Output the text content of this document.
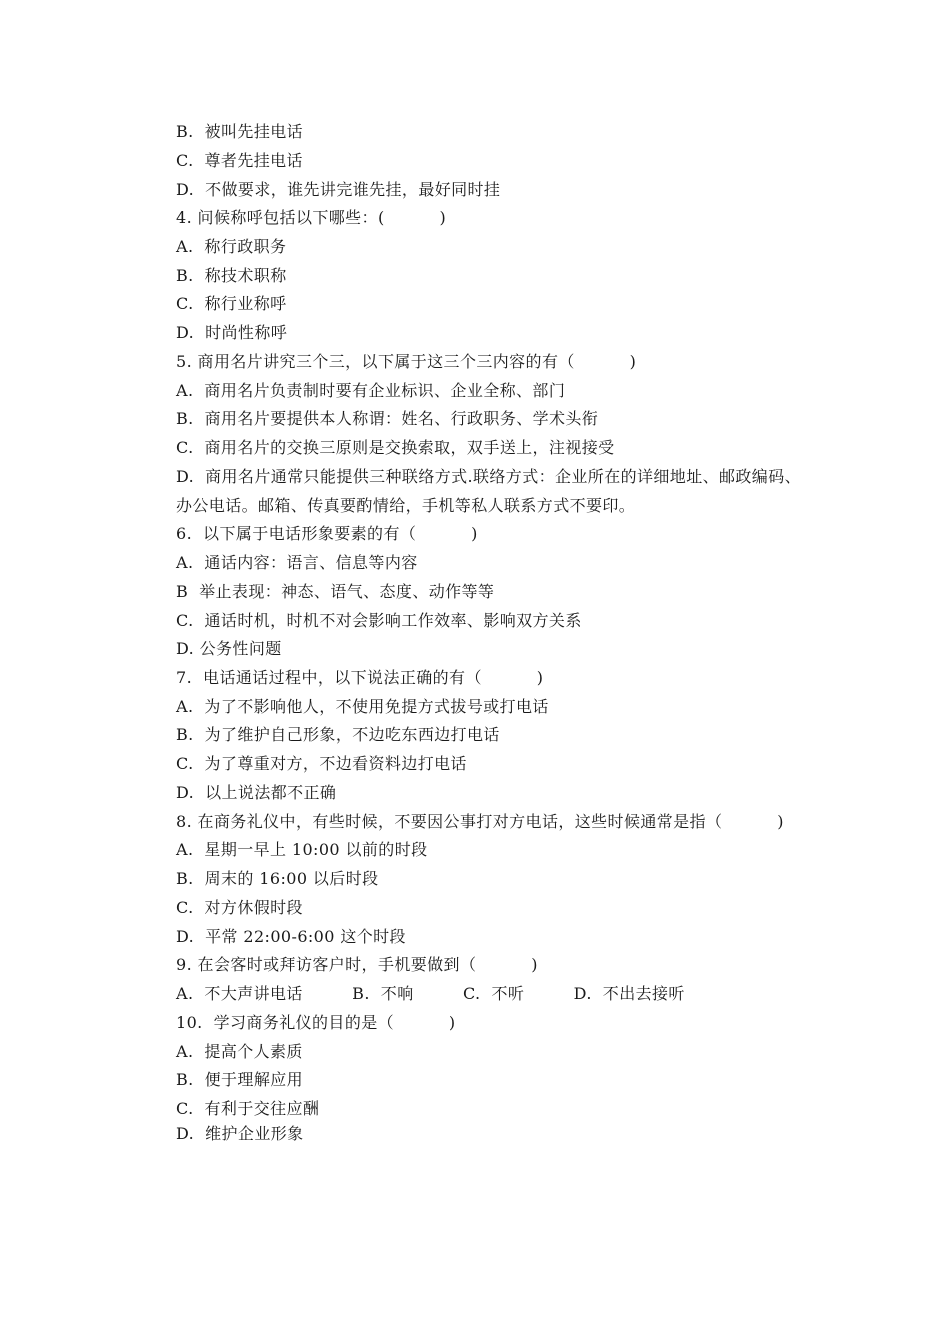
B.  被叫先挂电话
C.  尊者先挂电话
D.  不做要求，谁先讲完谁先挂，最好同时挂
4. 问候称呼包括以下哪些：(          )
A.  称行政职务
B.  称技术职称
C.  称行业称呼
D.  时尚性称呼
5. 商用名片讲究三个三，以下属于这三个三内容的有（          )
A.  商用名片负责制时要有企业标识、企业全称、部门
B.  商用名片要提供本人称谓：姓名、行政职务、学术头衔
C.  商用名片的交换三原则是交换索取，双手送上，注视接受
D.  商用名片通常只能提供三种联络方式.联络方式：企业所在的详细地址、邮政编码、
办公电话。邮箱、传真要酌情给，手机等私人联系方式不要印。
6.  以下属于电话形象要素的有（          )
A.  通话内容：语言、信息等内容
B  举止表现：神态、语气、态度、动作等等
C.  通话时机，时机不对会影响工作效率、影响双方关系
D. 公务性问题
7.  电话通话过程中，以下说法正确的有（          )
A.  为了不影响他人，不使用免提方式拔号或打电话
B.  为了维护自己形象，不边吃东西边打电话
C.  为了尊重对方，不边看资料边打电话
D.  以上说法都不正确
8. 在商务礼仪中，有些时候，不要因公事打对方电话，这些时候通常是指（          )
A.  星期一早上 10:00 以前的时段
B.  周末的 16:00 以后时段
C.  对方休假时段
D.  平常 22:00-6:00 这个时段
9. 在会客时或拜访客户时，手机要做到（          )
A.  不大声讲电话         B.  不响         C.  不听         D.  不出去接听
10.  学习商务礼仪的目的是（          )
A.  提高个人素质
B.  便于理解应用
C.  有利于交往应酬
D.  维护企业形象
